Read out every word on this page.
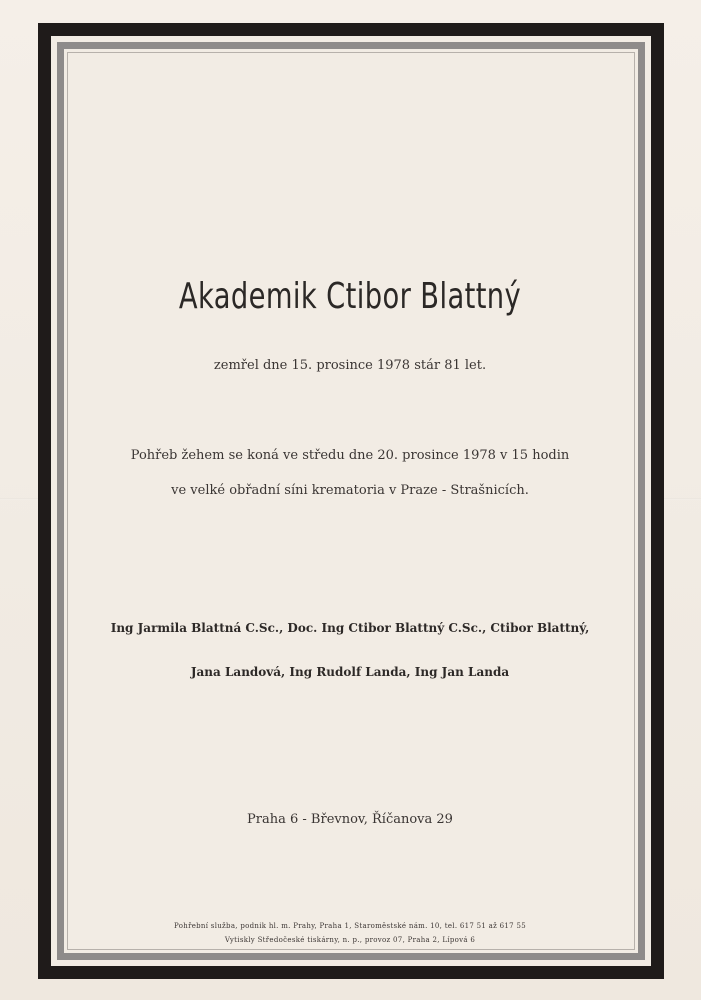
Akademik Ctibor Blattný
zemřel dne 15. prosince 1978 stár 81 let.
Pohřeb žehem se koná ve středu dne 20. prosince 1978 v 15 hodin
ve velké obřadní síni krematoria v Praze - Strašnicích.
Ing Jarmila Blattná C.Sc., Doc. Ing Ctibor Blattný C.Sc., Ctibor Blattný,
Jana Landová, Ing Rudolf Landa, Ing Jan Landa
Praha 6 - Břevnov, Říčanova 29
Pohřební služba, podnik hl. m. Prahy, Praha 1, Staroměstské nám. 10, tel. 617 51 až 617 55
Vytiskly Středočeské tiskárny, n. p., provoz 07, Praha 2, Lípová 6
